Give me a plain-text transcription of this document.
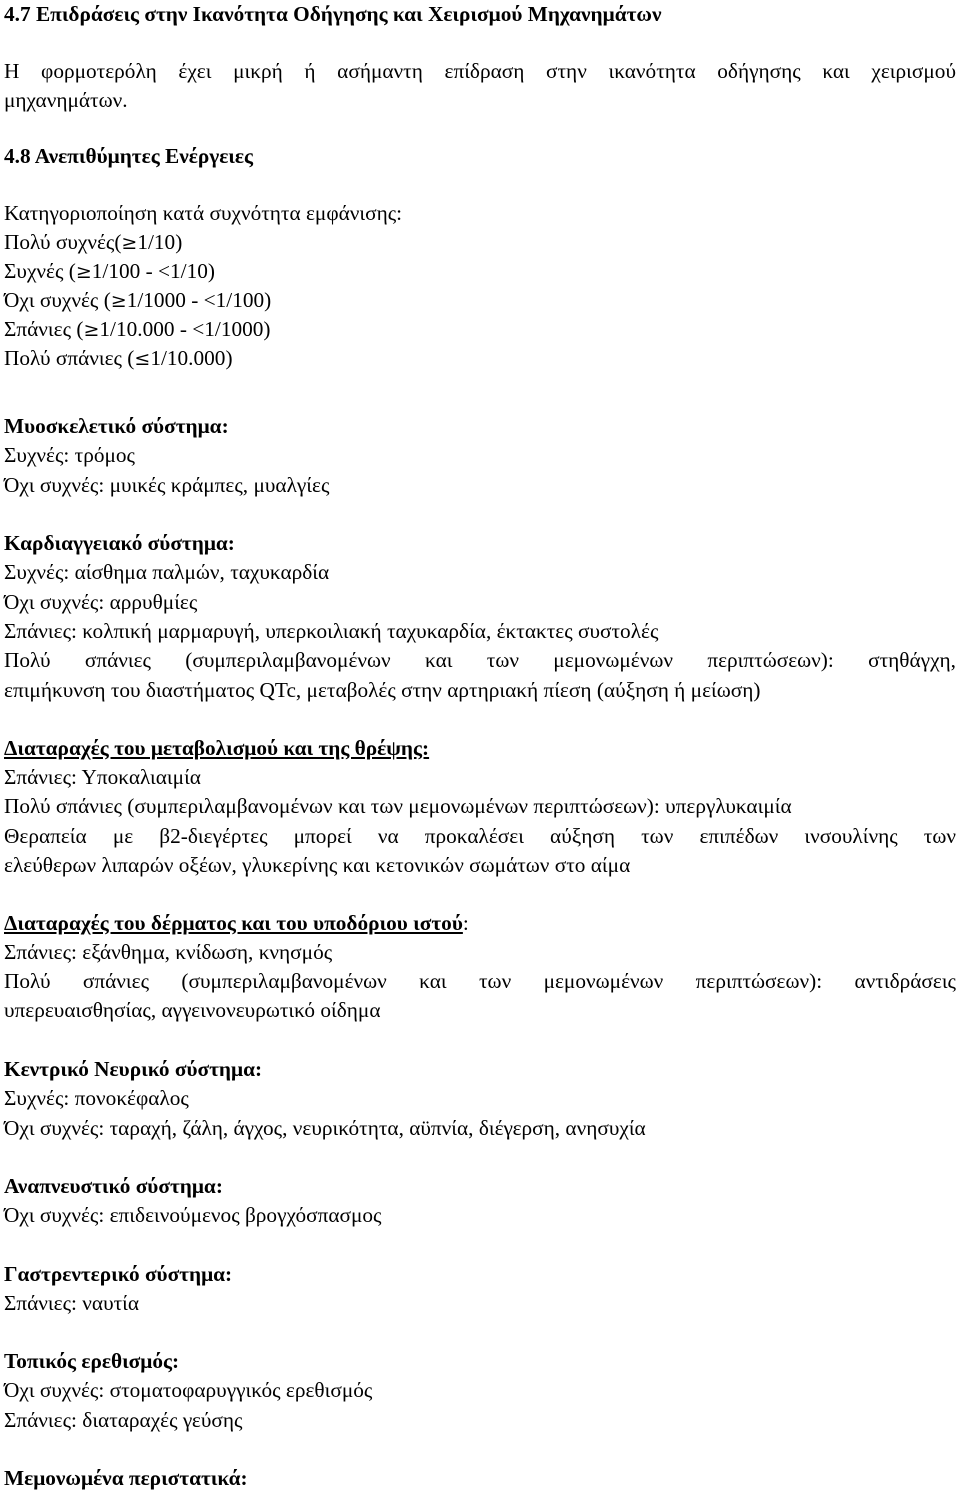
4.7 Επιδράσεις στην Ικανότητα Οδήγησης και Χειρισμού Μηχανημάτων
Η φορμοτερόλη έχει μικρή ή ασήμαντη επίδραση στην ικανότητα οδήγησης και χειρισμού
μηχανημάτων.
4.8 Ανεπιθύμητες Ενέργειες
Κατηγοριοποίηση κατά συχνότητα εμφάνισης:
Πολύ συχνές(≥1/10)
Συχνές (≥1/100 - <1/10)
Όχι συχνές (≥1/1000 - <1/100)
Σπάνιες (≥1/10.000 - <1/1000)
Πολύ σπάνιες (≤1/10.000)
Μυοσκελετικό σύστημα:
Συχνές: τρόμος
Όχι συχνές: μυικές κράμπες, μυαλγίες
Καρδιαγγειακό σύστημα:
Συχνές: αίσθημα παλμών, ταχυκαρδία
Όχι συχνές: αρρυθμίες
Σπάνιες: κολπική μαρμαρυγή, υπερκοιλιακή ταχυκαρδία, έκτακτες συστολές
Πολύ σπάνιες (συμπεριλαμβανομένων και των μεμονωμένων περιπτώσεων): στηθάγχη,
επιμήκυνση του διαστήματος QTc, μεταβολές στην αρτηριακή πίεση (αύξηση ή μείωση)
Διαταραχές του μεταβολισμού και της θρέψης:
Σπάνιες: Υποκαλιαιμία
Πολύ σπάνιες (συμπεριλαμβανομένων και των μεμονωμένων περιπτώσεων): υπεργλυκαιμία
Θεραπεία με β2-διεγέρτες μπορεί να προκαλέσει αύξηση των επιπέδων ινσουλίνης των
ελεύθερων λιπαρών οξέων, γλυκερίνης και κετονικών σωμάτων στο αίμα
Διαταραχές του δέρματος και του υποδόριου ιστού:
Σπάνιες: εξάνθημα, κνίδωση, κνησμός
Πολύ σπάνιες (συμπεριλαμβανομένων και των μεμονωμένων περιπτώσεων): αντιδράσεις
υπερευαισθησίας, αγγεινονευρωτικό οίδημα
Κεντρικό Νευρικό σύστημα:
Συχνές: πονοκέφαλος
Όχι συχνές: ταραχή, ζάλη, άγχος, νευρικότητα, αϋπνία, διέγερση, ανησυχία
Αναπνευστικό σύστημα:
Όχι συχνές: επιδεινούμενος βρογχόσπασμος
Γαστρεντερικό σύστημα:
Σπάνιες: ναυτία
Τοπικός ερεθισμός:
Όχι συχνές: στοματοφαρυγγικός ερεθισμός
Σπάνιες: διαταραχές γεύσης
Μεμονωμένα περιστατικά:
